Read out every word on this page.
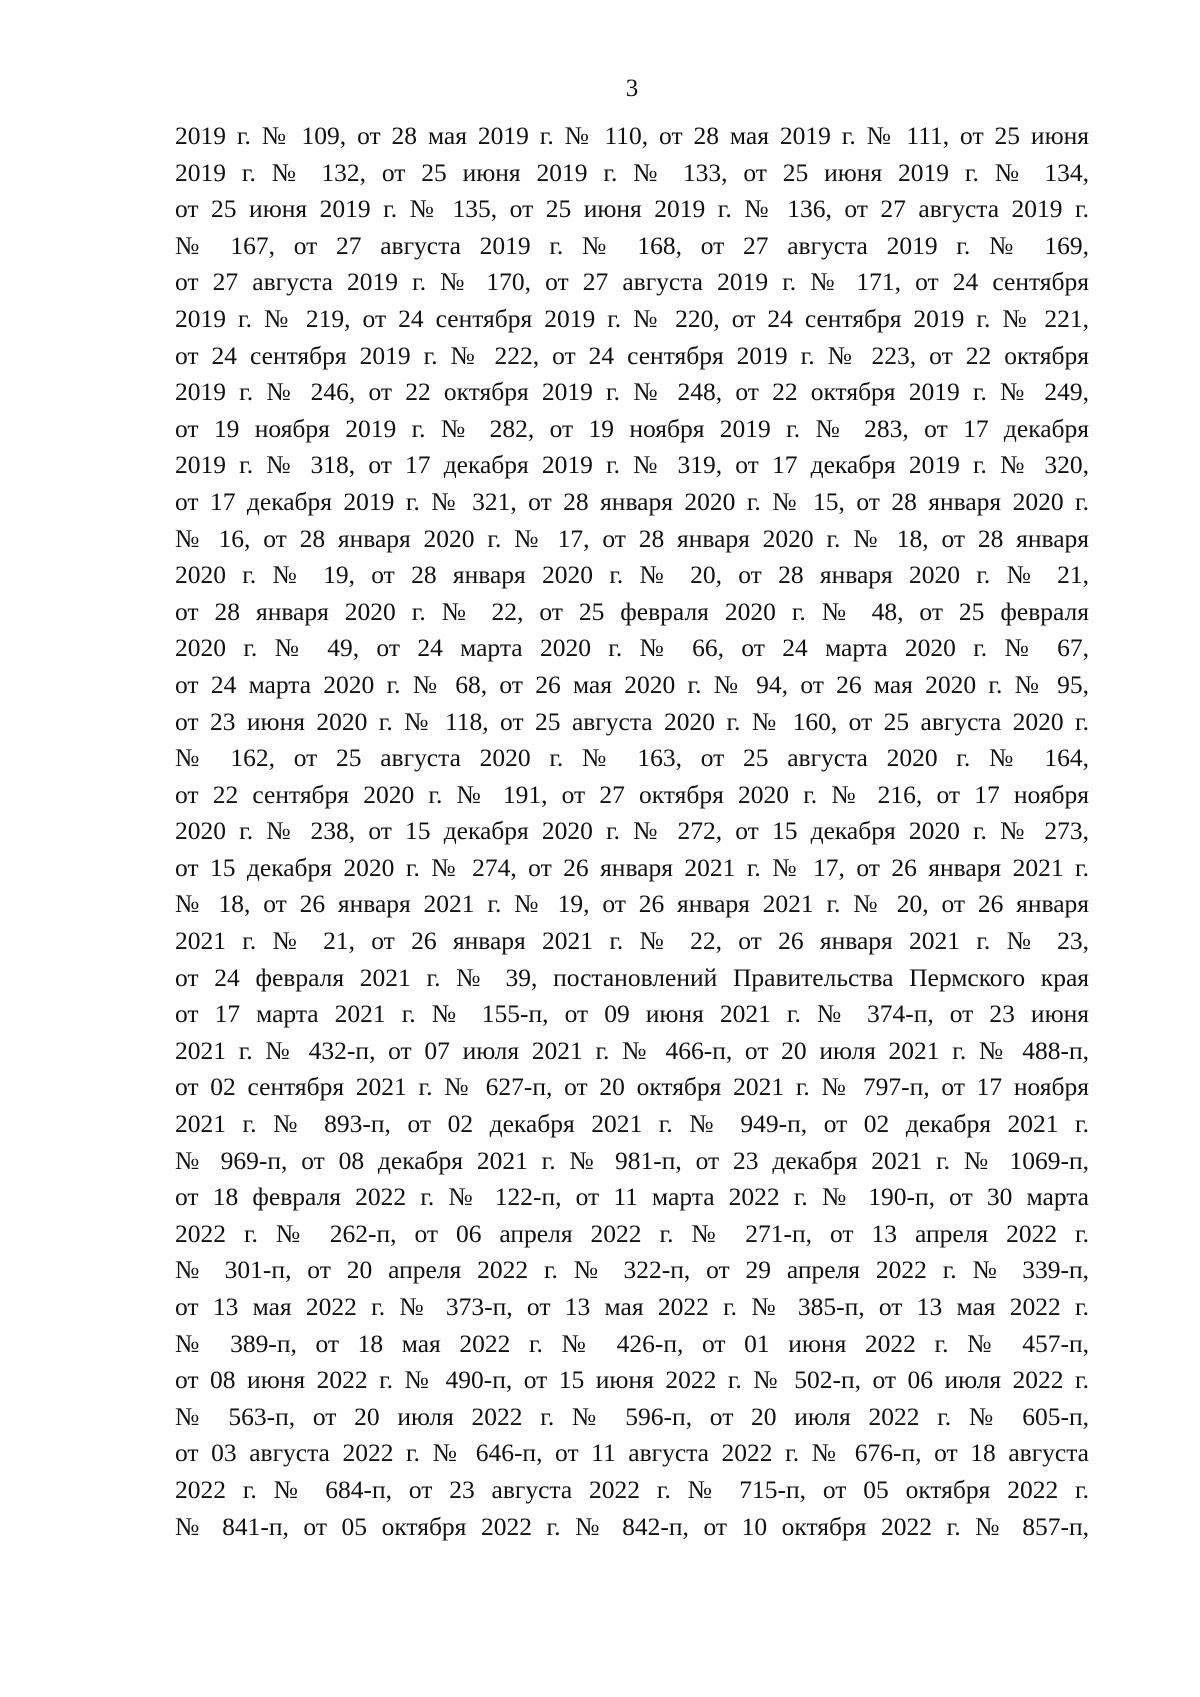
3
2019 г. № 109, от 28 мая 2019 г. № 110, от 28 мая 2019 г. № 111, от 25 июня
2019 г. № 132, от 25 июня 2019 г. № 133, от 25 июня 2019 г. № 134,
от 25 июня 2019 г. № 135, от 25 июня 2019 г. № 136, от 27 августа 2019 г.
№ 167, от 27 августа 2019 г. № 168, от 27 августа 2019 г. № 169,
от 27 августа 2019 г. № 170, от 27 августа 2019 г. № 171, от 24 сентября
2019 г. № 219, от 24 сентября 2019 г. № 220, от 24 сентября 2019 г. № 221,
от 24 сентября 2019 г. № 222, от 24 сентября 2019 г. № 223, от 22 октября
2019 г. № 246, от 22 октября 2019 г. № 248, от 22 октября 2019 г. № 249,
от 19 ноября 2019 г. № 282, от 19 ноября 2019 г. № 283, от 17 декабря
2019 г. № 318, от 17 декабря 2019 г. № 319, от 17 декабря 2019 г. № 320,
от 17 декабря 2019 г. № 321, от 28 января 2020 г. № 15, от 28 января 2020 г.
№ 16, от 28 января 2020 г. № 17, от 28 января 2020 г. № 18, от 28 января
2020 г. № 19, от 28 января 2020 г. № 20, от 28 января 2020 г. № 21,
от 28 января 2020 г. № 22, от 25 февраля 2020 г. № 48, от 25 февраля
2020 г. № 49, от 24 марта 2020 г. № 66, от 24 марта 2020 г. № 67,
от 24 марта 2020 г. № 68, от 26 мая 2020 г. № 94, от 26 мая 2020 г. № 95,
от 23 июня 2020 г. № 118, от 25 августа 2020 г. № 160, от 25 августа 2020 г.
№ 162, от 25 августа 2020 г. № 163, от 25 августа 2020 г. № 164,
от 22 сентября 2020 г. № 191, от 27 октября 2020 г. № 216, от 17 ноября
2020 г. № 238, от 15 декабря 2020 г. № 272, от 15 декабря 2020 г. № 273,
от 15 декабря 2020 г. № 274, от 26 января 2021 г. № 17, от 26 января 2021 г.
№ 18, от 26 января 2021 г. № 19, от 26 января 2021 г. № 20, от 26 января
2021 г. № 21, от 26 января 2021 г. № 22, от 26 января 2021 г. № 23,
от 24 февраля 2021 г. № 39, постановлений Правительства Пермского края
от 17 марта 2021 г. № 155-п, от 09 июня 2021 г. № 374-п, от 23 июня
2021 г. № 432-п, от 07 июля 2021 г. № 466-п, от 20 июля 2021 г. № 488-п,
от 02 сентября 2021 г. № 627-п, от 20 октября 2021 г. № 797-п, от 17 ноября
2021 г. № 893-п, от 02 декабря 2021 г. № 949-п, от 02 декабря 2021 г.
№ 969-п, от 08 декабря 2021 г. № 981-п, от 23 декабря 2021 г. № 1069-п,
от 18 февраля 2022 г. № 122-п, от 11 марта 2022 г. № 190-п, от 30 марта
2022 г. № 262-п, от 06 апреля 2022 г. № 271-п, от 13 апреля 2022 г.
№ 301-п, от 20 апреля 2022 г. № 322-п, от 29 апреля 2022 г. № 339-п,
от 13 мая 2022 г. № 373-п, от 13 мая 2022 г. № 385-п, от 13 мая 2022 г.
№ 389-п, от 18 мая 2022 г. № 426-п, от 01 июня 2022 г. № 457-п,
от 08 июня 2022 г. № 490-п, от 15 июня 2022 г. № 502-п, от 06 июля 2022 г.
№ 563-п, от 20 июля 2022 г. № 596-п, от 20 июля 2022 г. № 605-п,
от 03 августа 2022 г. № 646-п, от 11 августа 2022 г. № 676-п, от 18 августа
2022 г. № 684-п, от 23 августа 2022 г. № 715-п, от 05 октября 2022 г.
№ 841-п, от 05 октября 2022 г. № 842-п, от 10 октября 2022 г. № 857-п,
